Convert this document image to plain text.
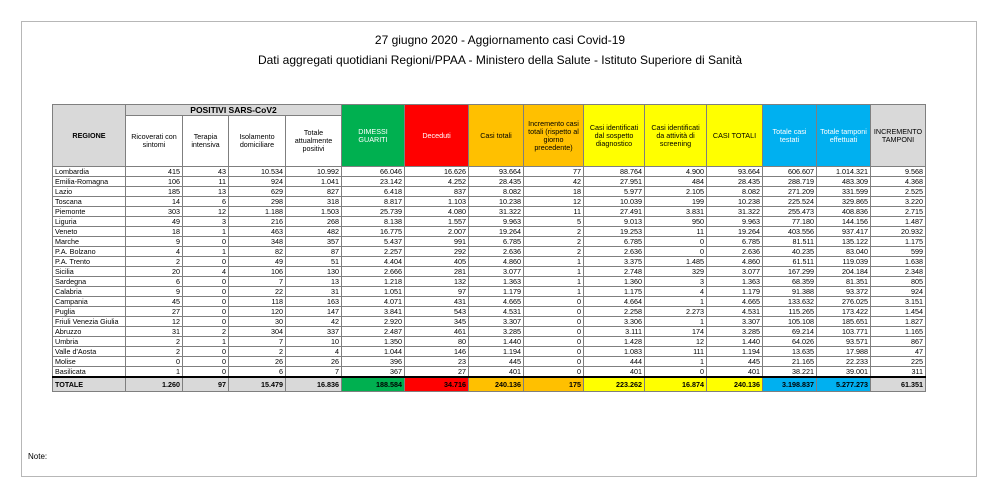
27 giugno 2020 - Aggiornamento casi Covid-19
Dati aggregati quotidiani Regioni/PPAA - Ministero della Salute - Istituto Superiore di Sanità
REGIONE	POSITIVI SARS-CoV2				DIMESSI GUARITI	Deceduti	Casi totali	Incremento casi totali (rispetto al giorno precedente)	Casi identificati dal sospetto diagnostico	Casi identificati da attività di screening	CASI TOTALI	Totale casi testati	Totale tamponi effettuati	INCREMENTO TAMPONI
	Ricoverati con sintomi	Terapia intensiva	Isolamento domiciliare	Totale attualmente positivi										
Lombardia	415	43	10.534	10.992	66.046	16.626	93.664	77	88.764	4.900	93.664	606.607	1.014.321	9.568
Emilia-Romagna	106	11	924	1.041	23.142	4.252	28.435	42	27.951	484	28.435	288.719	483.309	4.368
Lazio	185	13	629	827	6.418	837	8.082	18	5.977	2.105	8.082	271.209	331.599	2.525
Toscana	14	6	298	318	8.817	1.103	10.238	12	10.039	199	10.238	225.524	329.865	3.220
Piemonte	303	12	1.188	1.503	25.739	4.080	31.322	11	27.491	3.831	31.322	255.473	408.836	2.715
Liguria	49	3	216	268	8.138	1.557	9.963	5	9.013	950	9.963	77.180	144.156	1.487
Veneto	18	1	463	482	16.775	2.007	19.264	2	19.253	11	19.264	403.556	937.417	20.932
Marche	9	0	348	357	5.437	991	6.785	2	6.785	0	6.785	81.511	135.122	1.175
P.A. Bolzano	4	1	82	87	2.257	292	2.636	2	2.636	0	2.636	40.235	83.040	599
P.A. Trento	2	0	49	51	4.404	405	4.860	1	3.375	1.485	4.860	61.511	119.039	1.638
Sicilia	20	4	106	130	2.666	281	3.077	1	2.748	329	3.077	167.299	204.184	2.348
Sardegna	6	0	7	13	1.218	132	1.363	1	1.360	3	1.363	68.359	81.351	805
Calabria	9	0	22	31	1.051	97	1.179	1	1.175	4	1.179	91.388	93.372	924
Campania	45	0	118	163	4.071	431	4.665	0	4.664	1	4.665	133.632	276.025	3.151
Puglia	27	0	120	147	3.841	543	4.531	0	2.258	2.273	4.531	115.265	173.422	1.454
Friuli Venezia Giulia	12	0	30	42	2.920	345	3.307	0	3.306	1	3.307	105.108	185.651	1.827
Abruzzo	31	2	304	337	2.487	461	3.285	0	3.111	174	3.285	69.214	103.771	1.165
Umbria	2	1	7	10	1.350	80	1.440	0	1.428	12	1.440	64.026	93.571	867
Valle d'Aosta	2	0	2	4	1.044	146	1.194	0	1.083	111	1.194	13.635	17.988	47
Molise	0	0	26	26	396	23	445	0	444	1	445	21.165	22.233	225
Basilicata	1	0	6	7	367	27	401	0	401	0	401	38.221	39.001	311
TOTALE	1.260	97	15.479	16.836	188.584	34.716	240.136	175	223.262	16.874	240.136	3.198.837	5.277.273	61.351
Note:
